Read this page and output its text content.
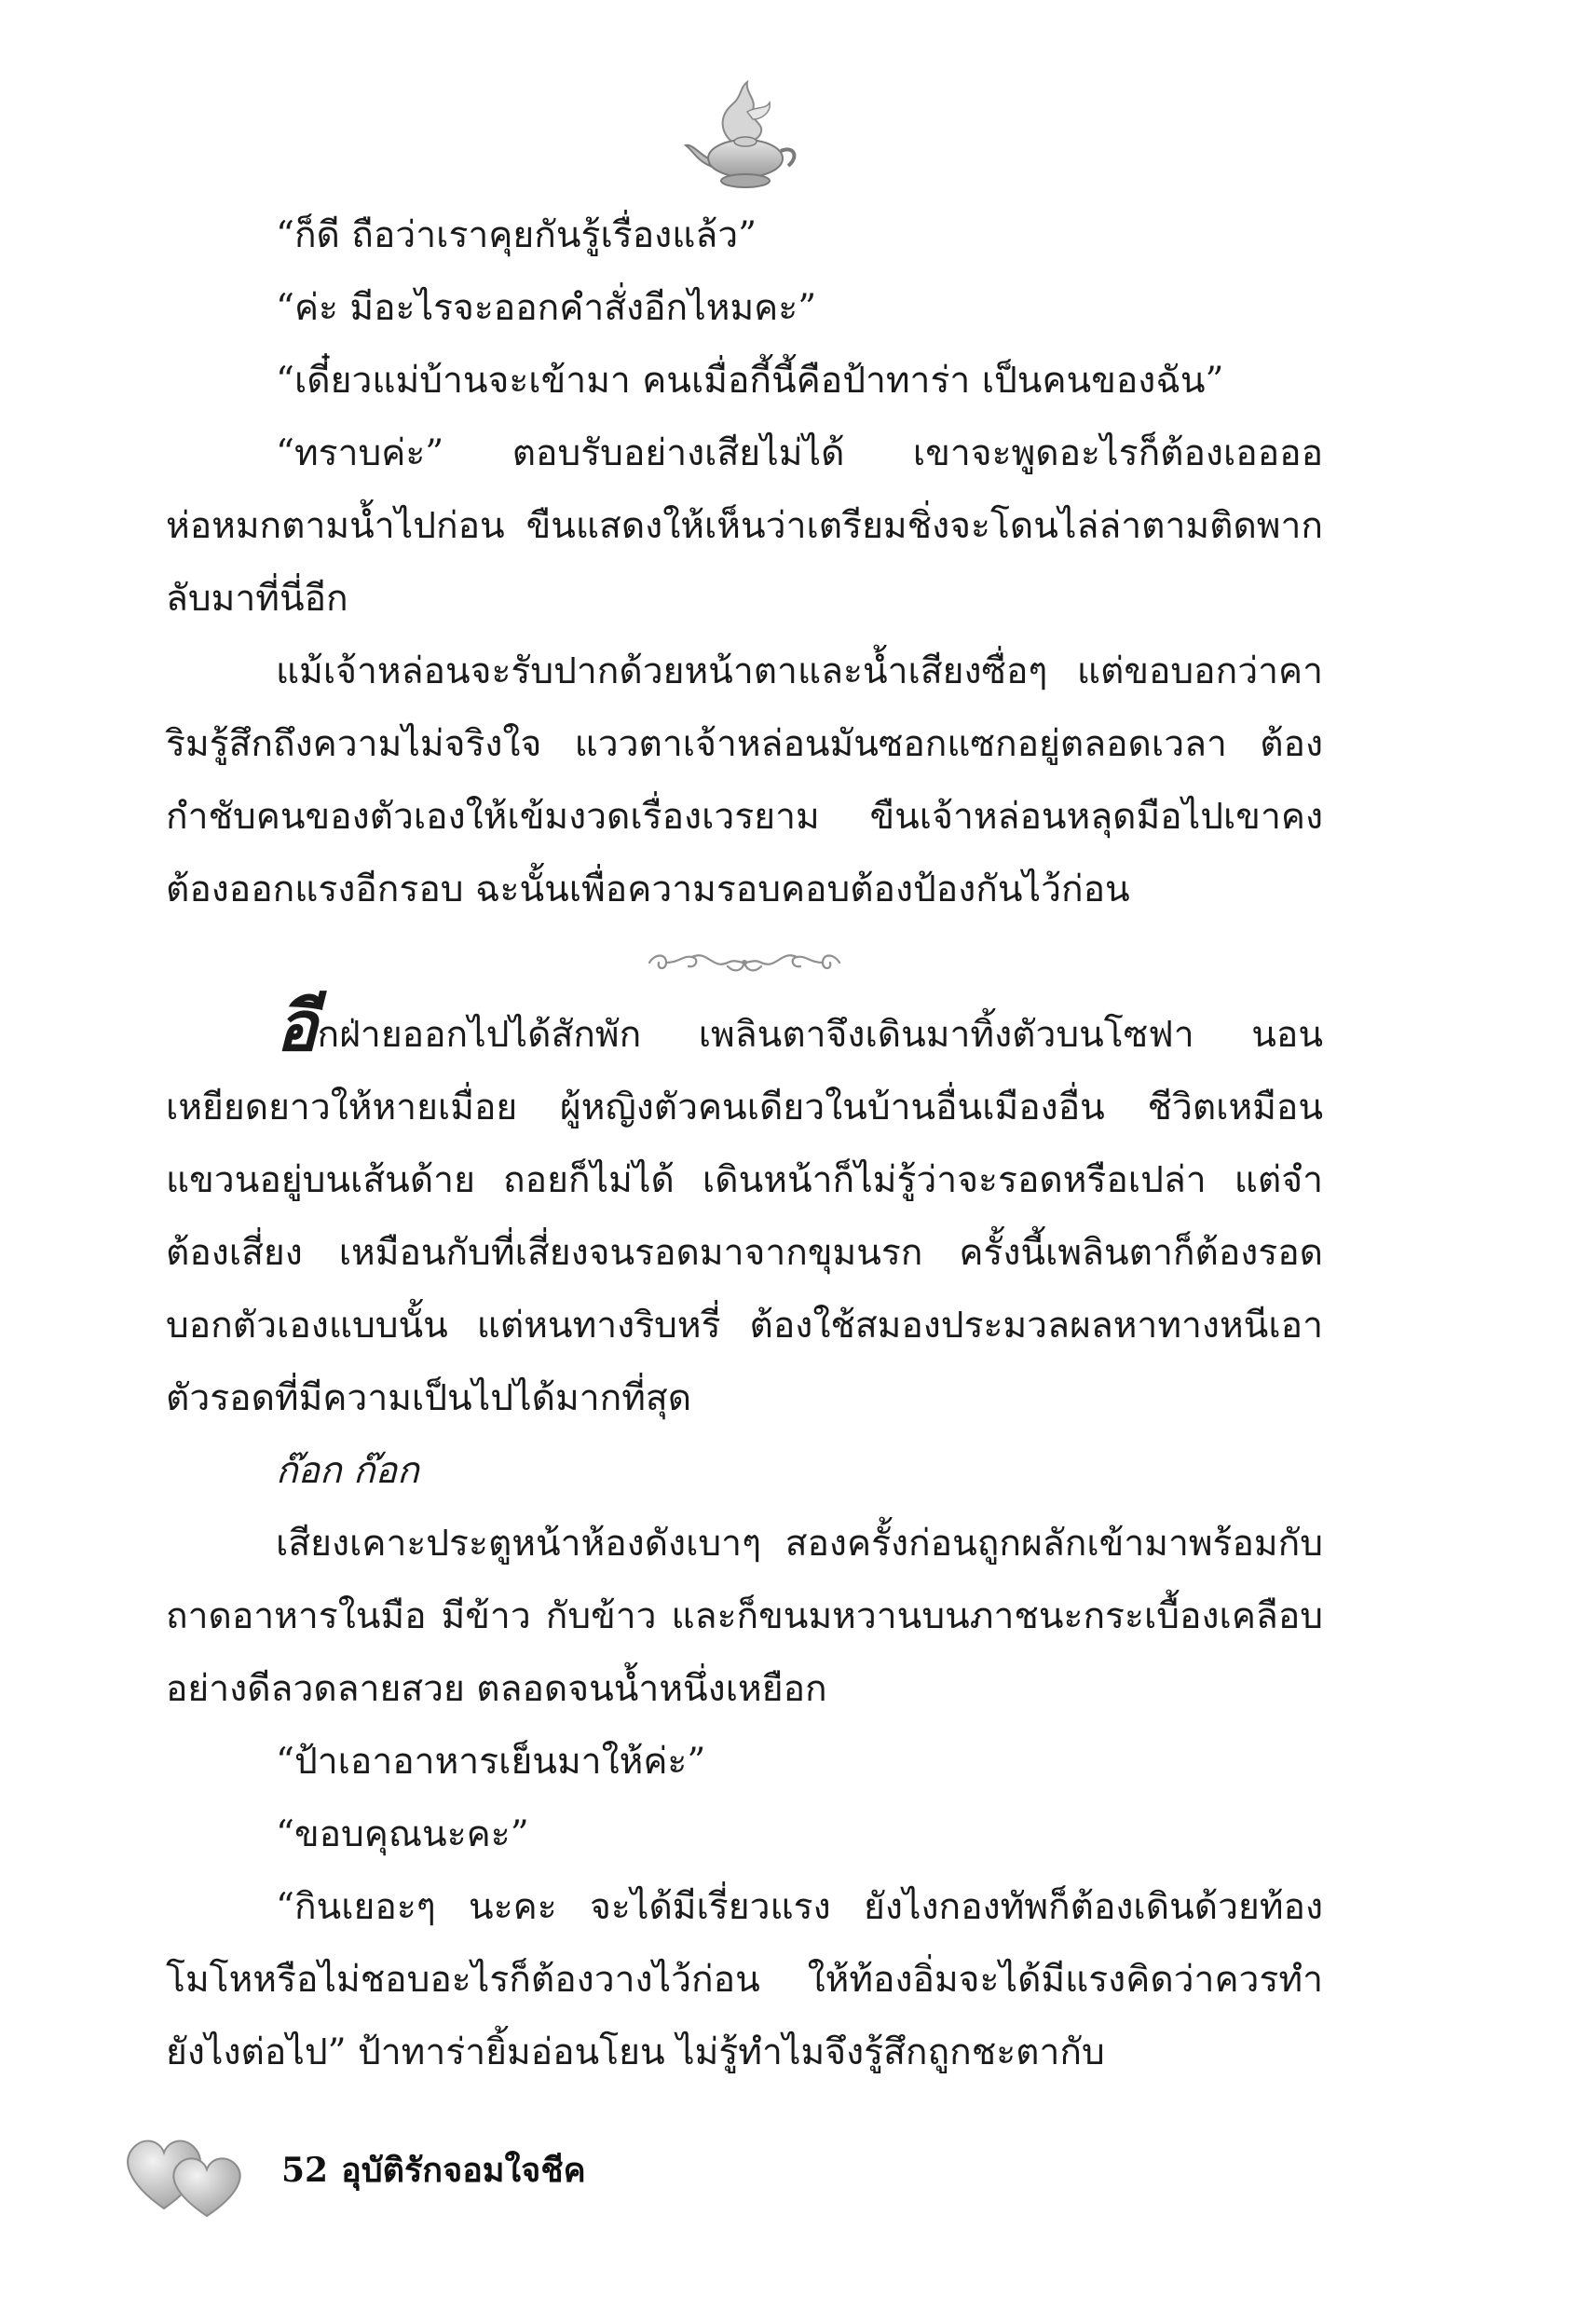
“ก็ดี ถือว่าเราคุยกันรู้เรื่องแล้ว”

“ค่ะ มีอะไรจะออกคำสั่งอีกไหมคะ”

“เดี๋ยวแม่บ้านจะเข้ามา คนเมื่อกี้นี้คือป้าทาร่า เป็นคนของฉัน”

“ทราบค่ะ” ตอบรับอย่างเสียไม่ได้ เขาจะพูดอะไรก็ต้องเออออห่อหมกตามน้ำไปก่อน ขืนแสดงให้เห็นว่าเตรียมชิ่งจะโดนไล่ล่าตามติดพากลับมาที่นี่อีก

แม้เจ้าหล่อนจะรับปากด้วยหน้าตาและน้ำเสียงซื่อๆ แต่ขอบอกว่าคาริมรู้สึกถึงความไม่จริงใจ แววตาเจ้าหล่อนมันซอกแซกอยู่ตลอดเวลา ต้องกำชับคนของตัวเองให้เข้มงวดเรื่องเวรยาม ขืนเจ้าหล่อนหลุดมือไปเขาคงต้องออกแรงอีกรอบ ฉะนั้นเพื่อความรอบคอบต้องป้องกันไว้ก่อน

อีกฝ่ายออกไปได้สักพัก เพลินตาจึงเดินมาทิ้งตัวบนโซฟา นอนเหยียดยาวให้หายเมื่อย ผู้หญิงตัวคนเดียวในบ้านอื่นเมืองอื่น ชีวิตเหมือนแขวนอยู่บนเส้นด้าย ถอยก็ไม่ได้ เดินหน้าก็ไม่รู้ว่าจะรอดหรือเปล่า แต่จำต้องเสี่ยง เหมือนกับที่เสี่ยงจนรอดมาจากขุมนรก ครั้งนี้เพลินตาก็ต้องรอด บอกตัวเองแบบนั้น แต่หนทางริบหรี่ ต้องใช้สมองประมวลผลหาทางหนีเอาตัวรอดที่มีความเป็นไปได้มากที่สุด

ก๊อก ก๊อก

เสียงเคาะประตูหน้าห้องดังเบาๆ สองครั้งก่อนถูกผลักเข้ามาพร้อมกับถาดอาหารในมือ มีข้าว กับข้าว และก็ขนมหวานบนภาชนะกระเบื้องเคลือบอย่างดีลวดลายสวย ตลอดจนน้ำหนึ่งเหยือก

“ป้าเอาอาหารเย็นมาให้ค่ะ”

“ขอบคุณนะคะ”

“กินเยอะๆ นะคะ จะได้มีเรี่ยวแรง ยังไงกองทัพก็ต้องเดินด้วยท้อง โมโหหรือไม่ชอบอะไรก็ต้องวางไว้ก่อน ให้ท้องอิ่มจะได้มีแรงคิดว่าควรทำยังไงต่อไป” ป้าทาร่ายิ้มอ่อนโยน ไม่รู้ทำไมจึงรู้สึกถูกชะตากับ

52 อุบัติรักจอมใจชีค
